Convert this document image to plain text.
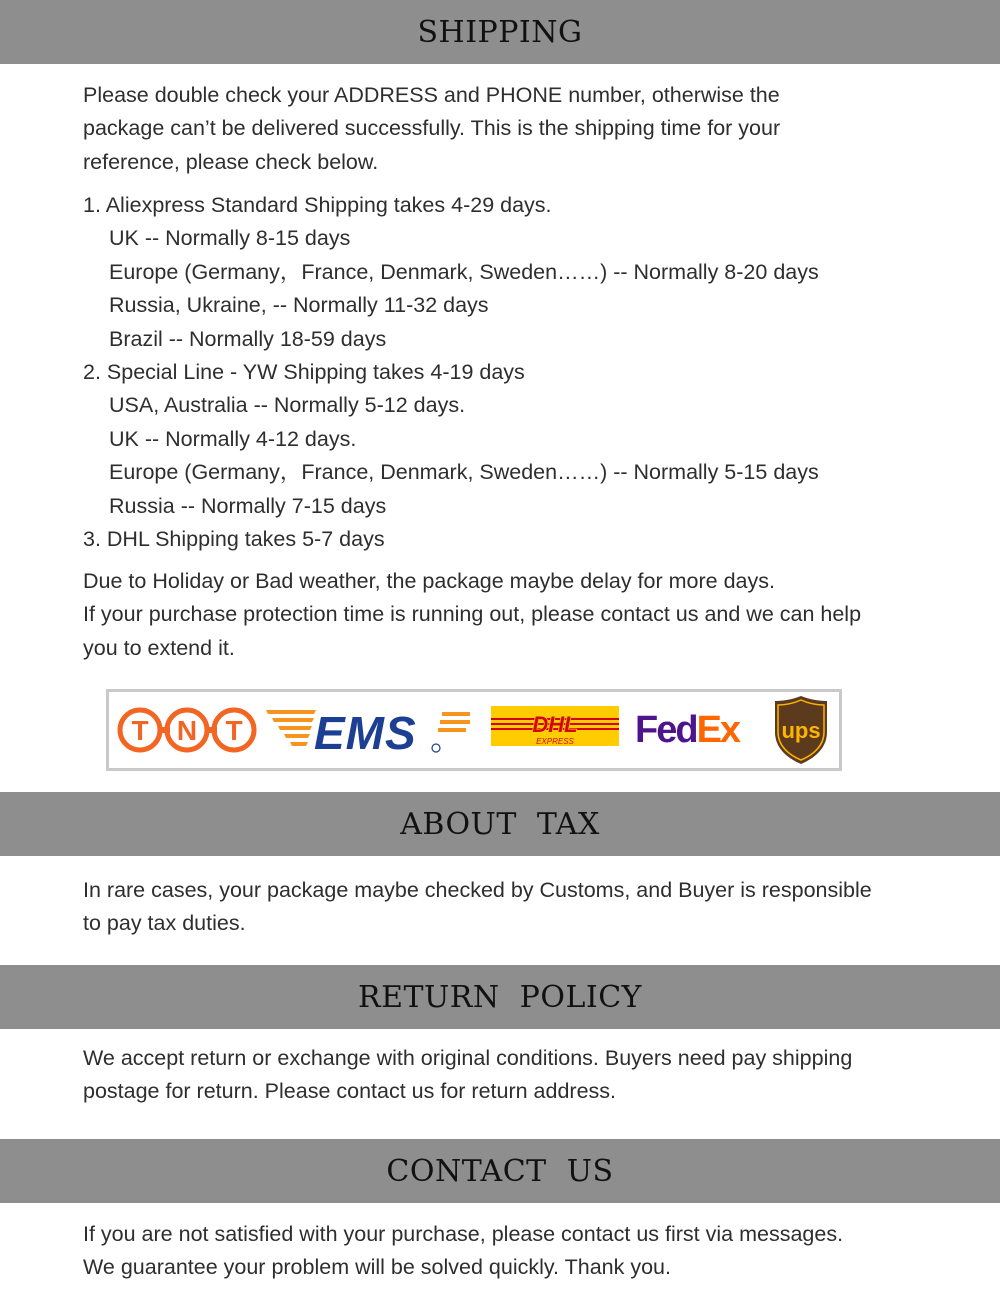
SHIPPING

Please double check your ADDRESS and PHONE number, otherwise the

package can’t be delivered successfully. This is the shipping time for your

reference, please check below.

1. Aliexpress Standard Shipping takes 4-29 days.
UK -- Normally 8-15 days
Europe (Germany，France, Denmark, Sweden……) -- Normally 8-20 days
Russia, Ukraine, -- Normally 11-32 days
Brazil -- Normally 18-59 days
2. Special Line - YW Shipping takes 4-19 days
USA, Australia -- Normally 5-12 days.
UK -- Normally 4-12 days.
Europe (Germany，France, Denmark, Sweden……) -- Normally 5-15 days
Russia -- Normally 7-15 days
3. DHL Shipping takes 5-7 days

Due to Holiday or Bad weather, the package maybe delay for more days.

If your purchase protection time is running out, please contact us and we can help

you to extend it.

T N T EMS	DHL
EXPRESS FedEx ups
ABOUT  TAX

In rare cases, your package maybe checked by Customs, and Buyer is responsible

to pay tax duties.

RETURN  POLICY

We accept return or exchange with original conditions. Buyers need pay shipping

postage for return. Please contact us for return address.

CONTACT  US

If you are not satisfied with your purchase, please contact us first via messages.

We guarantee your problem will be solved quickly. Thank you.
